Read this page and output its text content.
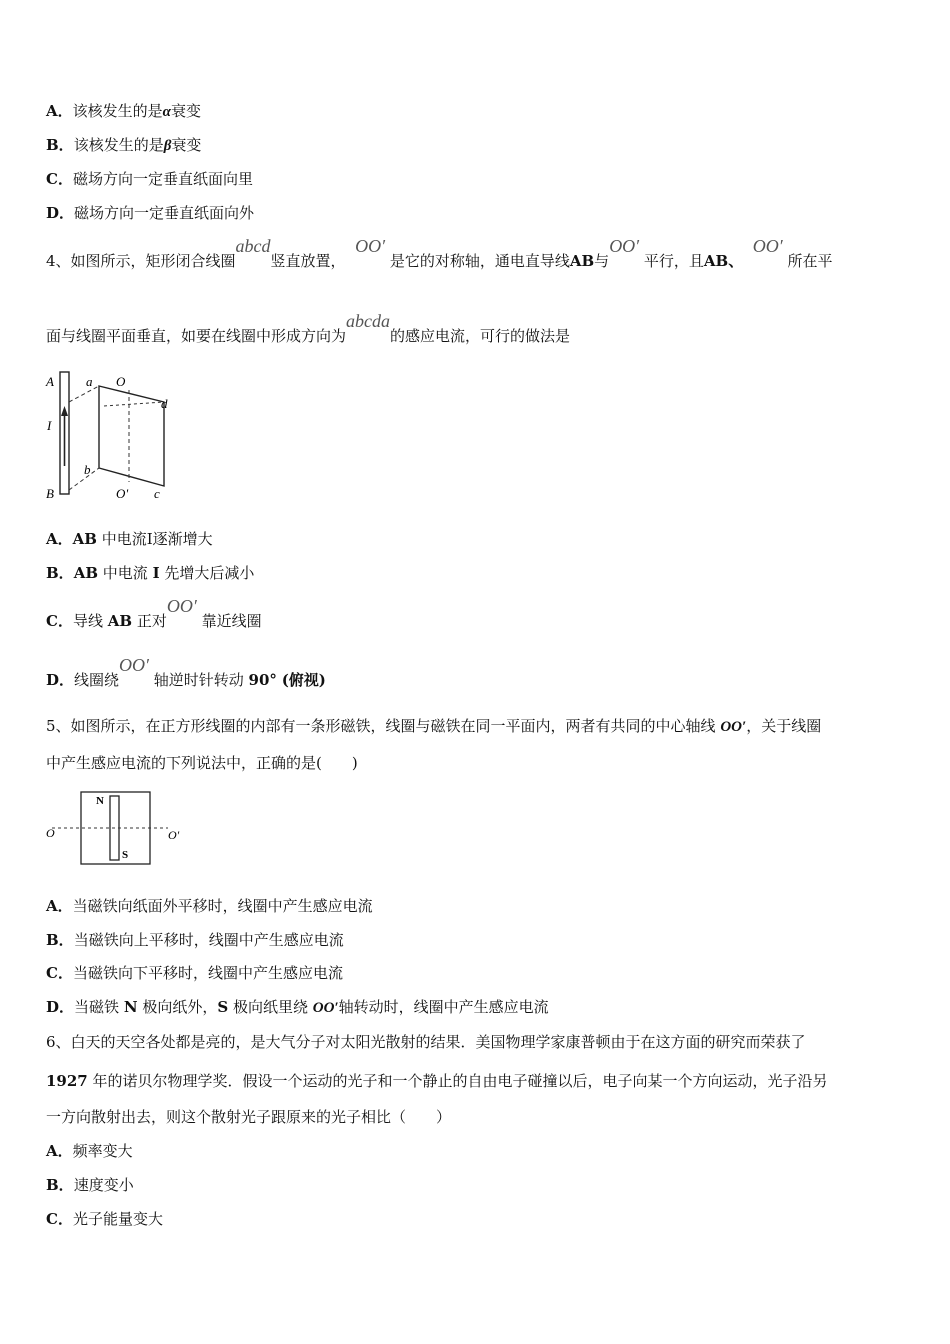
A．该核发生的是α衰变
B．该核发生的是β衰变
C．磁场方向一定垂直纸面向里
D．磁场方向一定垂直纸面向外
4、如图所示，矩形闭合线圈abcd竖直放置，  OO′ 是它的对称轴，通电直导线AB与OO′ 平行，且AB、  OO′ 所在平
面与线圈平面垂直，如要在线圈中形成方向为abcda的感应电流，可行的做法是
A
B
I
a
b
c
d
O
O'
A．AB 中电流Ⅰ逐渐增大
B．AB 中电流 I 先增大后减小
C．导线 AB 正对OO′ 靠近线圈
D．线圈绕OO′ 轴逆时针转动 90° (俯视)
5、如图所示，在正方形线圈的内部有一条形磁铁，线圈与磁铁在同一平面内，两者有共同的中心轴线 OO′，关于线圈
中产生感应电流的下列说法中，正确的是(　　)
N
S
O	O'
A．当磁铁向纸面外平移时，线圈中产生感应电流
B．当磁铁向上平移时，线圈中产生感应电流
C．当磁铁向下平移时，线圈中产生感应电流
D．当磁铁 N 极向纸外，S 极向纸里绕 OO′轴转动时，线圈中产生感应电流
6、白天的天空各处都是亮的，是大气分子对太阳光散射的结果．美国物理学家康普顿由于在这方面的研究而荣获了
1927 年的诺贝尔物理学奖．假设一个运动的光子和一个静止的自由电子碰撞以后，电子向某一个方向运动，光子沿另
一方向散射出去，则这个散射光子跟原来的光子相比（　　）
A．频率变大
B．速度变小
C．光子能量变大
